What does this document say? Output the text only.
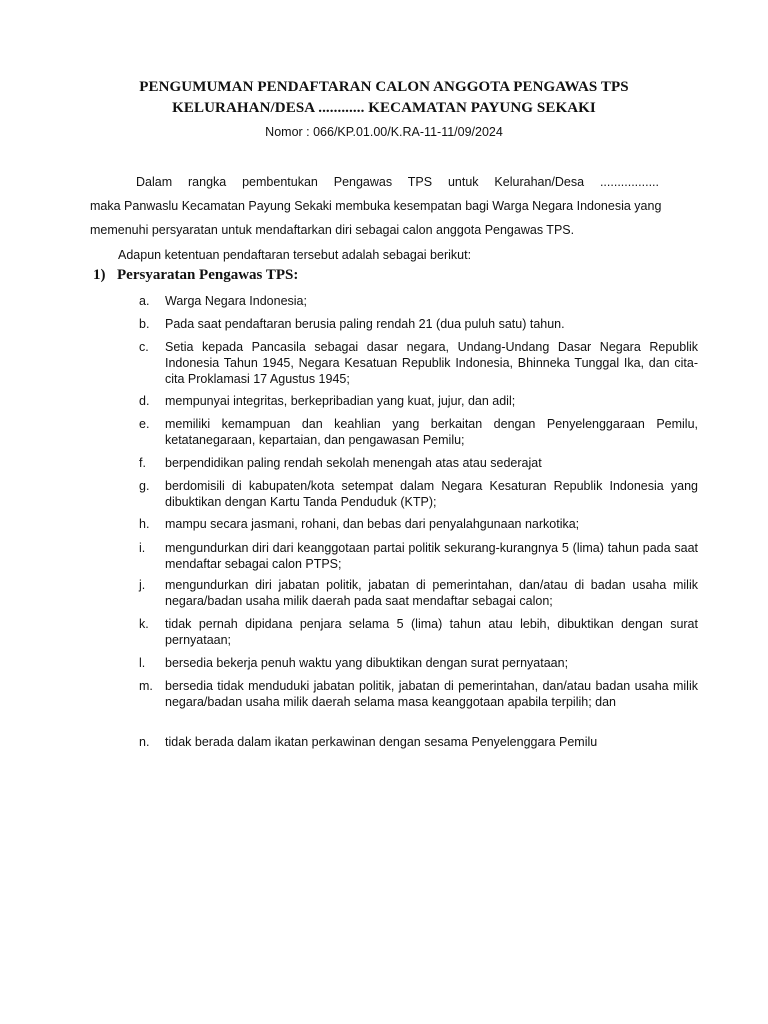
PENGUMUMAN PENDAFTARAN CALON ANGGOTA PENGAWAS TPS
KELURAHAN/DESA ............ KECAMATAN PAYUNG SEKAKI
Nomor : 066/KP.01.00/K.RA-11-11/09/2024
Dalam rangka pembentukan Pengawas TPS untuk Kelurahan/Desa .................
maka Panwaslu Kecamatan Payung Sekaki membuka kesempatan bagi Warga Negara Indonesia yang
memenuhi persyaratan untuk mendaftarkan diri sebagai calon anggota Pengawas TPS.
Adapun ketentuan pendaftaran tersebut adalah sebagai berikut:
1) Persyaratan Pengawas TPS:
a. Warga Negara Indonesia;
b. Pada saat pendaftaran berusia paling rendah 21 (dua puluh satu) tahun.
c. Setia kepada Pancasila sebagai dasar negara, Undang-Undang Dasar Negara Republik Indonesia Tahun 1945, Negara Kesatuan Republik Indonesia, Bhinneka Tunggal Ika, dan cita-cita Proklamasi 17 Agustus 1945;
d. mempunyai integritas, berkepribadian yang kuat, jujur, dan adil;
e. memiliki kemampuan dan keahlian yang berkaitan dengan Penyelenggaraan Pemilu, ketatanegaraan, kepartaian, dan pengawasan Pemilu;
f. berpendidikan paling rendah sekolah menengah atas atau sederajat
g. berdomisili di kabupaten/kota setempat dalam Negara Kesaturan Republik Indonesia yang dibuktikan dengan Kartu Tanda Penduduk (KTP);
h. mampu secara jasmani, rohani, dan bebas dari penyalahgunaan narkotika;
i. mengundurkan diri dari keanggotaan partai politik sekurang-kurangnya 5 (lima) tahun pada saat mendaftar sebagai calon PTPS;
j. mengundurkan diri jabatan politik, jabatan di pemerintahan, dan/atau di badan usaha milik negara/badan usaha milik daerah pada saat mendaftar sebagai calon;
k. tidak pernah dipidana penjara selama 5 (lima) tahun atau lebih, dibuktikan dengan surat pernyataan;
l. bersedia bekerja penuh waktu yang dibuktikan dengan surat pernyataan;
m. bersedia tidak menduduki jabatan politik, jabatan di pemerintahan, dan/atau badan usaha milik negara/badan usaha milik daerah selama masa keanggotaan apabila terpilih; dan
n. tidak berada dalam ikatan perkawinan dengan sesama Penyelenggara Pemilu
